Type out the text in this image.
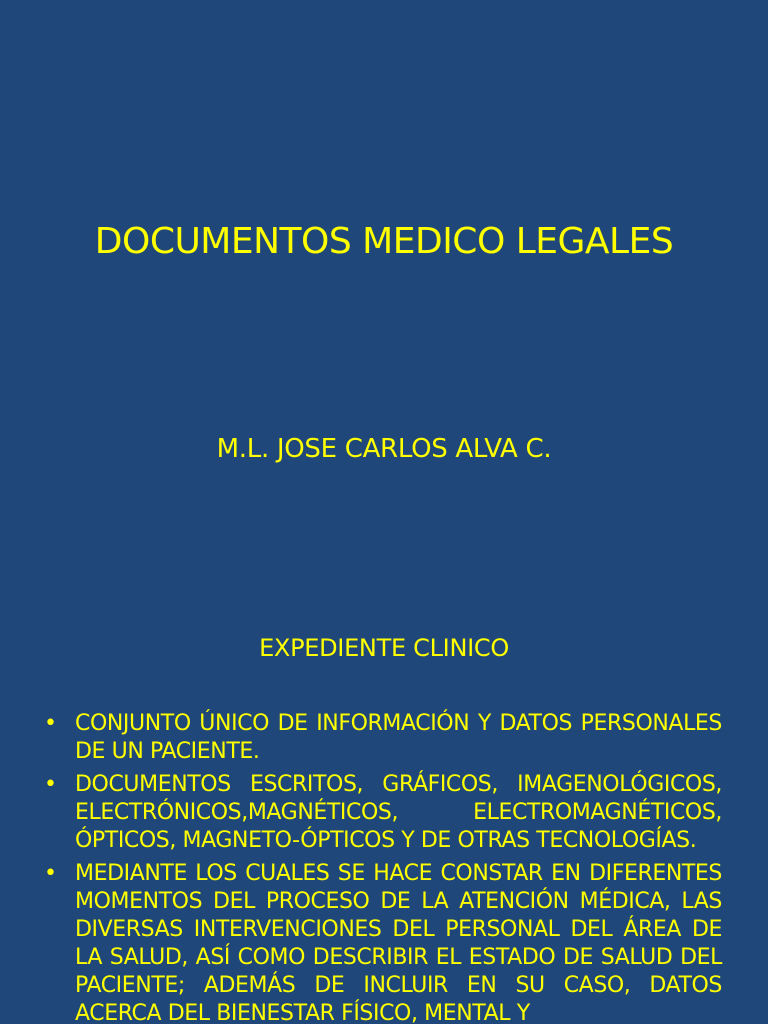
DOCUMENTOS MEDICO LEGALES
M.L. JOSE CARLOS ALVA C.
EXPEDIENTE CLINICO
• CONJUNTO ÚNICO DE INFORMACIÓN Y DATOS PERSONALES DE UN PACIENTE.
• DOCUMENTOS ESCRITOS, GRÁFICOS, IMAGENOLÓGICOS, ELECTRÓNICOS,MAGNÉTICOS, ELECTROMAGNÉTICOS, ÓPTICOS, MAGNETO-ÓPTICOS Y DE OTRAS TECNOLOGÍAS.
• MEDIANTE LOS CUALES SE HACE CONSTAR EN DIFERENTES MOMENTOS DEL PROCESO DE LA ATENCIÓN MÉDICA, LAS DIVERSAS INTERVENCIONES DEL PERSONAL DEL ÁREA DE LA SALUD, ASÍ COMO DESCRIBIR EL ESTADO DE SALUD DEL PACIENTE; ADEMÁS DE INCLUIR EN SU CASO, DATOS ACERCA DEL BIENESTAR FÍSICO, MENTAL Y
